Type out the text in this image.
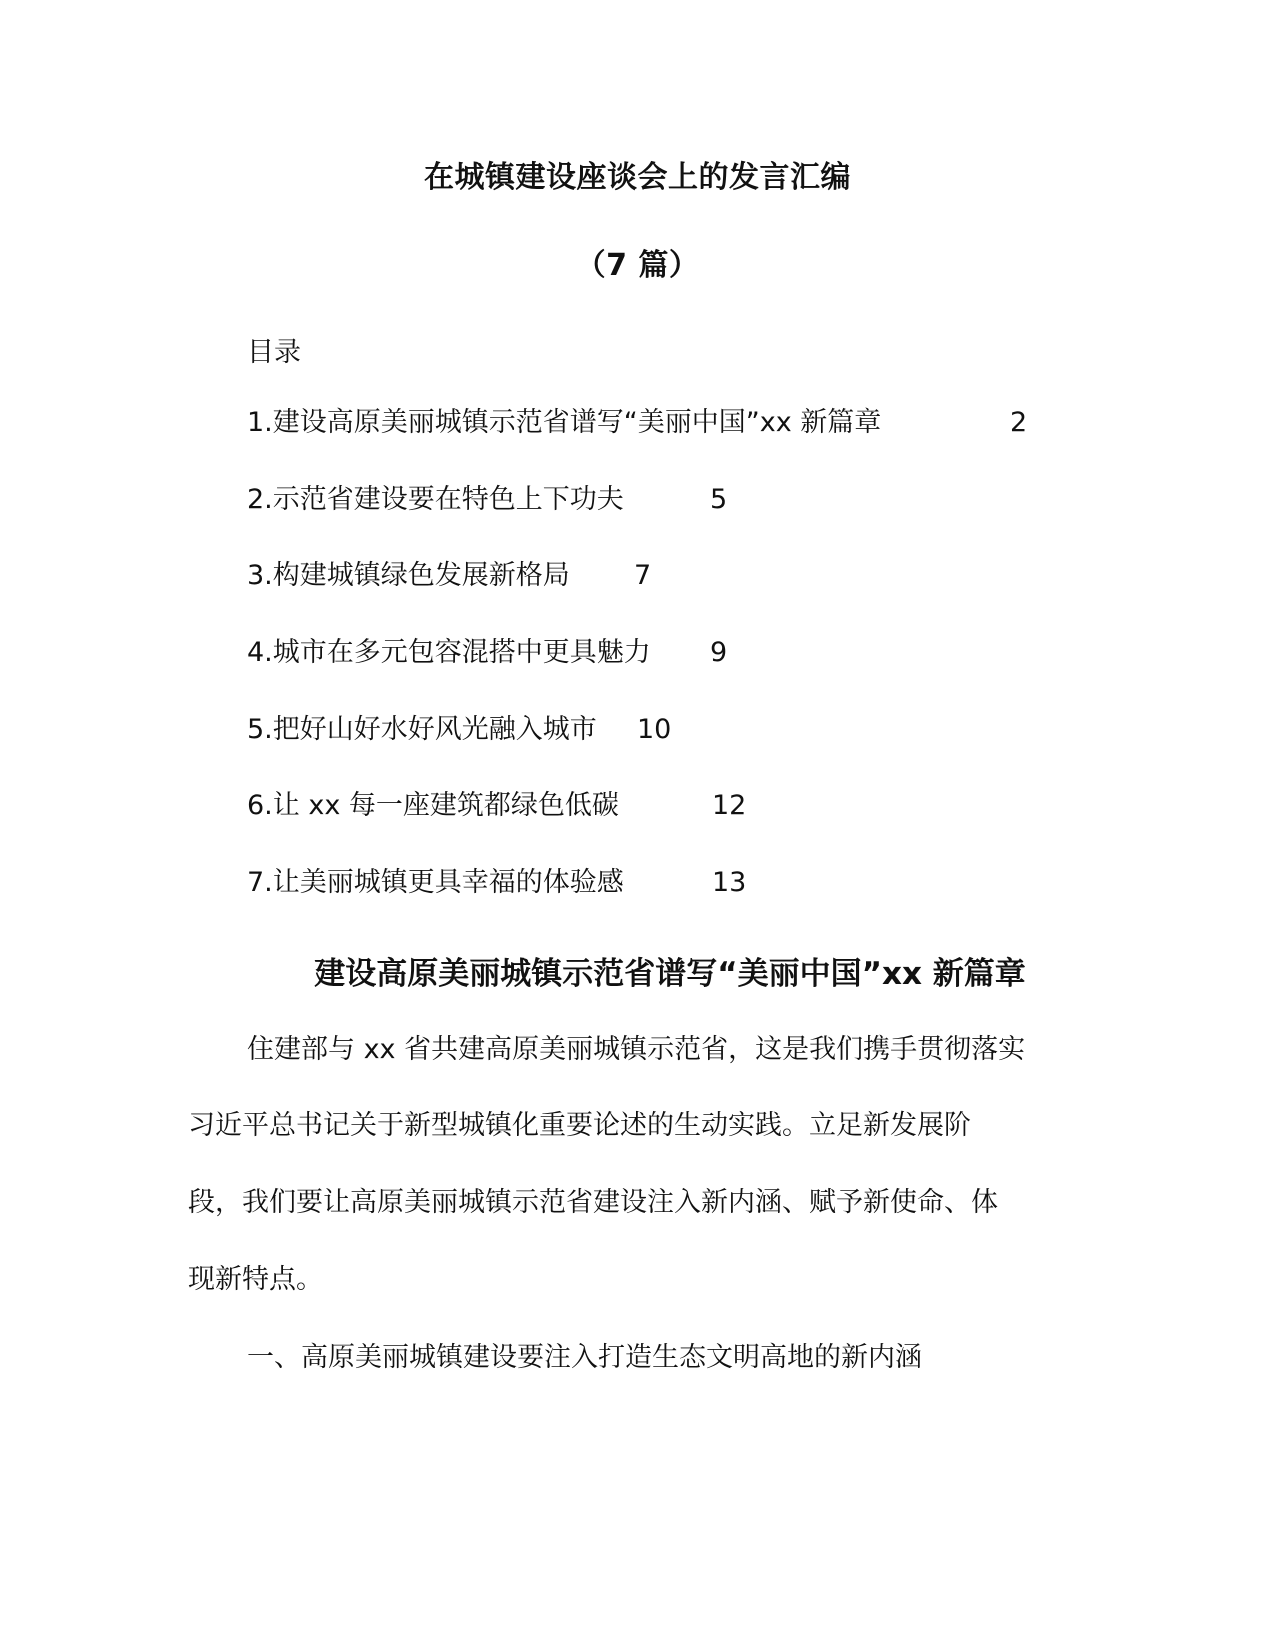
在城镇建设座谈会上的发言汇编
（7 篇）
目录
1.建设高原美丽城镇示范省谱写“美丽中国”xx 新篇章	2
2.示范省建设要在特色上下功夫	5
3.构建城镇绿色发展新格局 7
4.城市在多元包容混搭中更具魅力 9
5.把好山好水好风光融入城市 10
6.让 xx 每一座建筑都绿色低碳	12
7.让美丽城镇更具幸福的体验感	13
建设高原美丽城镇示范省谱写“美丽中国”xx 新篇章
住建部与 xx 省共建高原美丽城镇示范省，这是我们携手贯彻落实
习近平总书记关于新型城镇化重要论述的生动实践。立足新发展阶
段，我们要让高原美丽城镇示范省建设注入新内涵、赋予新使命、体
现新特点。
一、高原美丽城镇建设要注入打造生态文明高地的新内涵
